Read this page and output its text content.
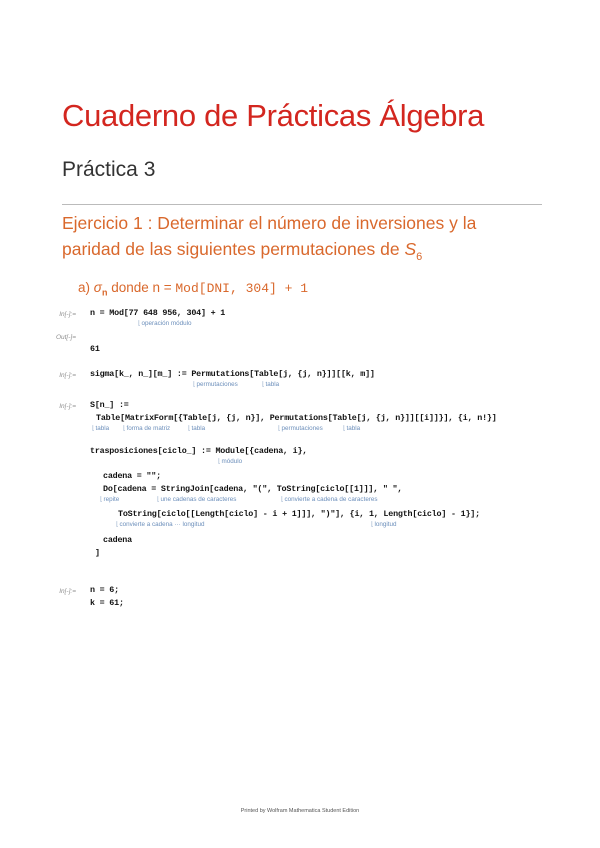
Cuaderno de Prácticas Álgebra
Práctica 3
Ejercicio 1 : Determinar el número de inversiones y la
paridad de las siguientes permutaciones de $S_6$
a) $\sigma_n$ donde n = Mod[DNI, 304] + 1
In[-]:= n = Mod[77 648 956, 304] + 1
⌊ operación módulo
Out[-]=
61
In[-]:= sigma[k_, n_][m_] := Permutations[Table[j, {j, n}]][[k, m]]
⌊ permutaciones	⌊ tabla
In[-]:= S[n_] :=
Table[MatrixForm[{Table[j, {j, n}], Permutations[Table[j, {j, n}]][[i]]}], {i, n!}]
⌊ tabla	⌊ forma de matriz	⌊ tabla	⌊ permutaciones	⌊ tabla
trasposiciones[ciclo_] := Module[{cadena, i},
⌊ módulo
cadena = "";
Do[cadena = StringJoin[cadena, "(", ToString[ciclo[[1]]], " ",
⌊ repite	⌊ une cadenas de caracteres	⌊ convierte a cadena de caracteres
ToString[ciclo[[Length[ciclo] - i + 1]]], ")"], {i, 1, Length[ciclo] - 1}];
⌊ convierte a cadena ··· longitud	⌊ longitud
cadena
]
In[-]:= n = 6;
k = 61;
Printed by Wolfram Mathematica Student Edition
